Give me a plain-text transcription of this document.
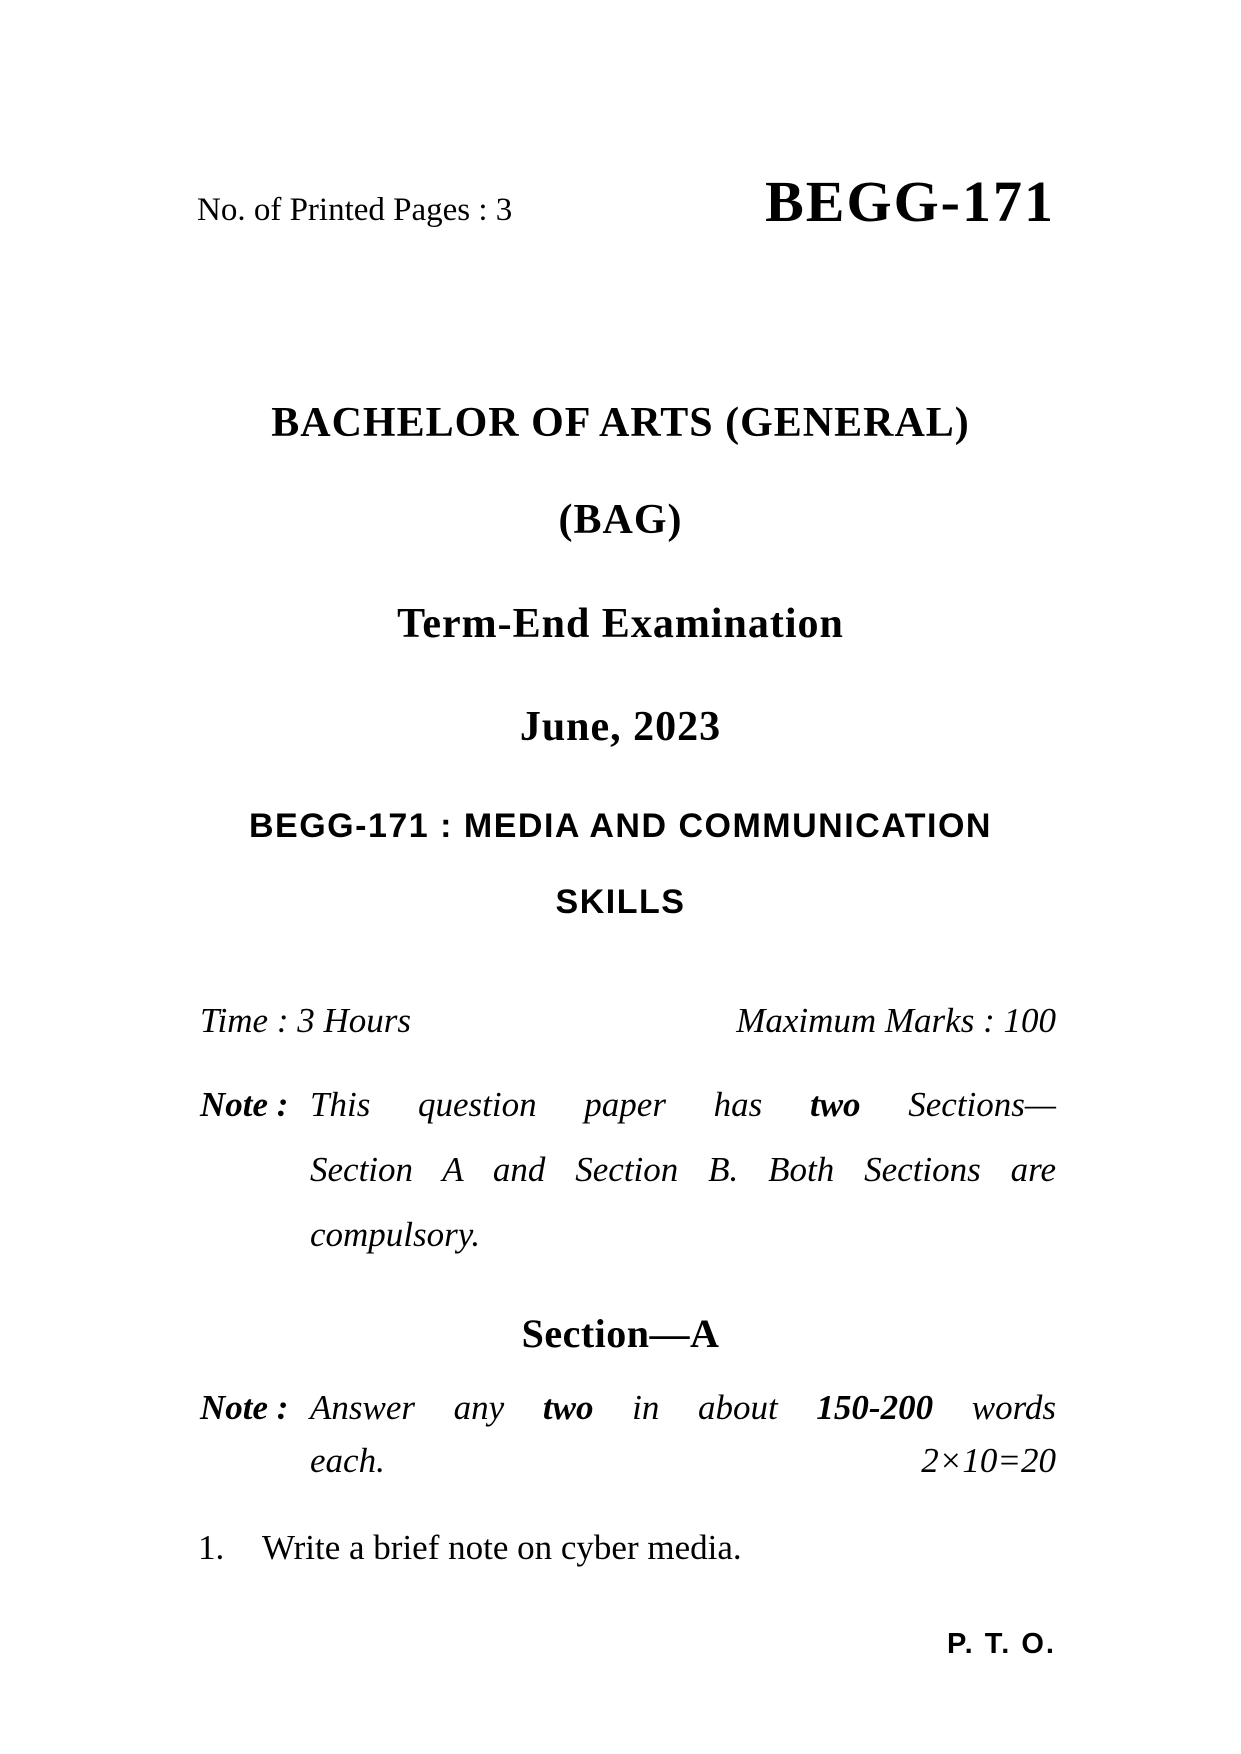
No. of Printed Pages : 3	BEGG-171
BACHELOR OF ARTS (GENERAL)
(BAG)
Term-End Examination
June, 2023
BEGG-171 : MEDIA AND COMMUNICATION
SKILLS
Time : 3 Hours	Maximum Marks : 100
Note : This question paper has two Sections—
Section A and Section B. Both Sections are
compulsory.
Section—A
Note : Answer any two in about 150-200 words
each.	2×10=20
1.	Write a brief note on cyber media.
P. T. O.
